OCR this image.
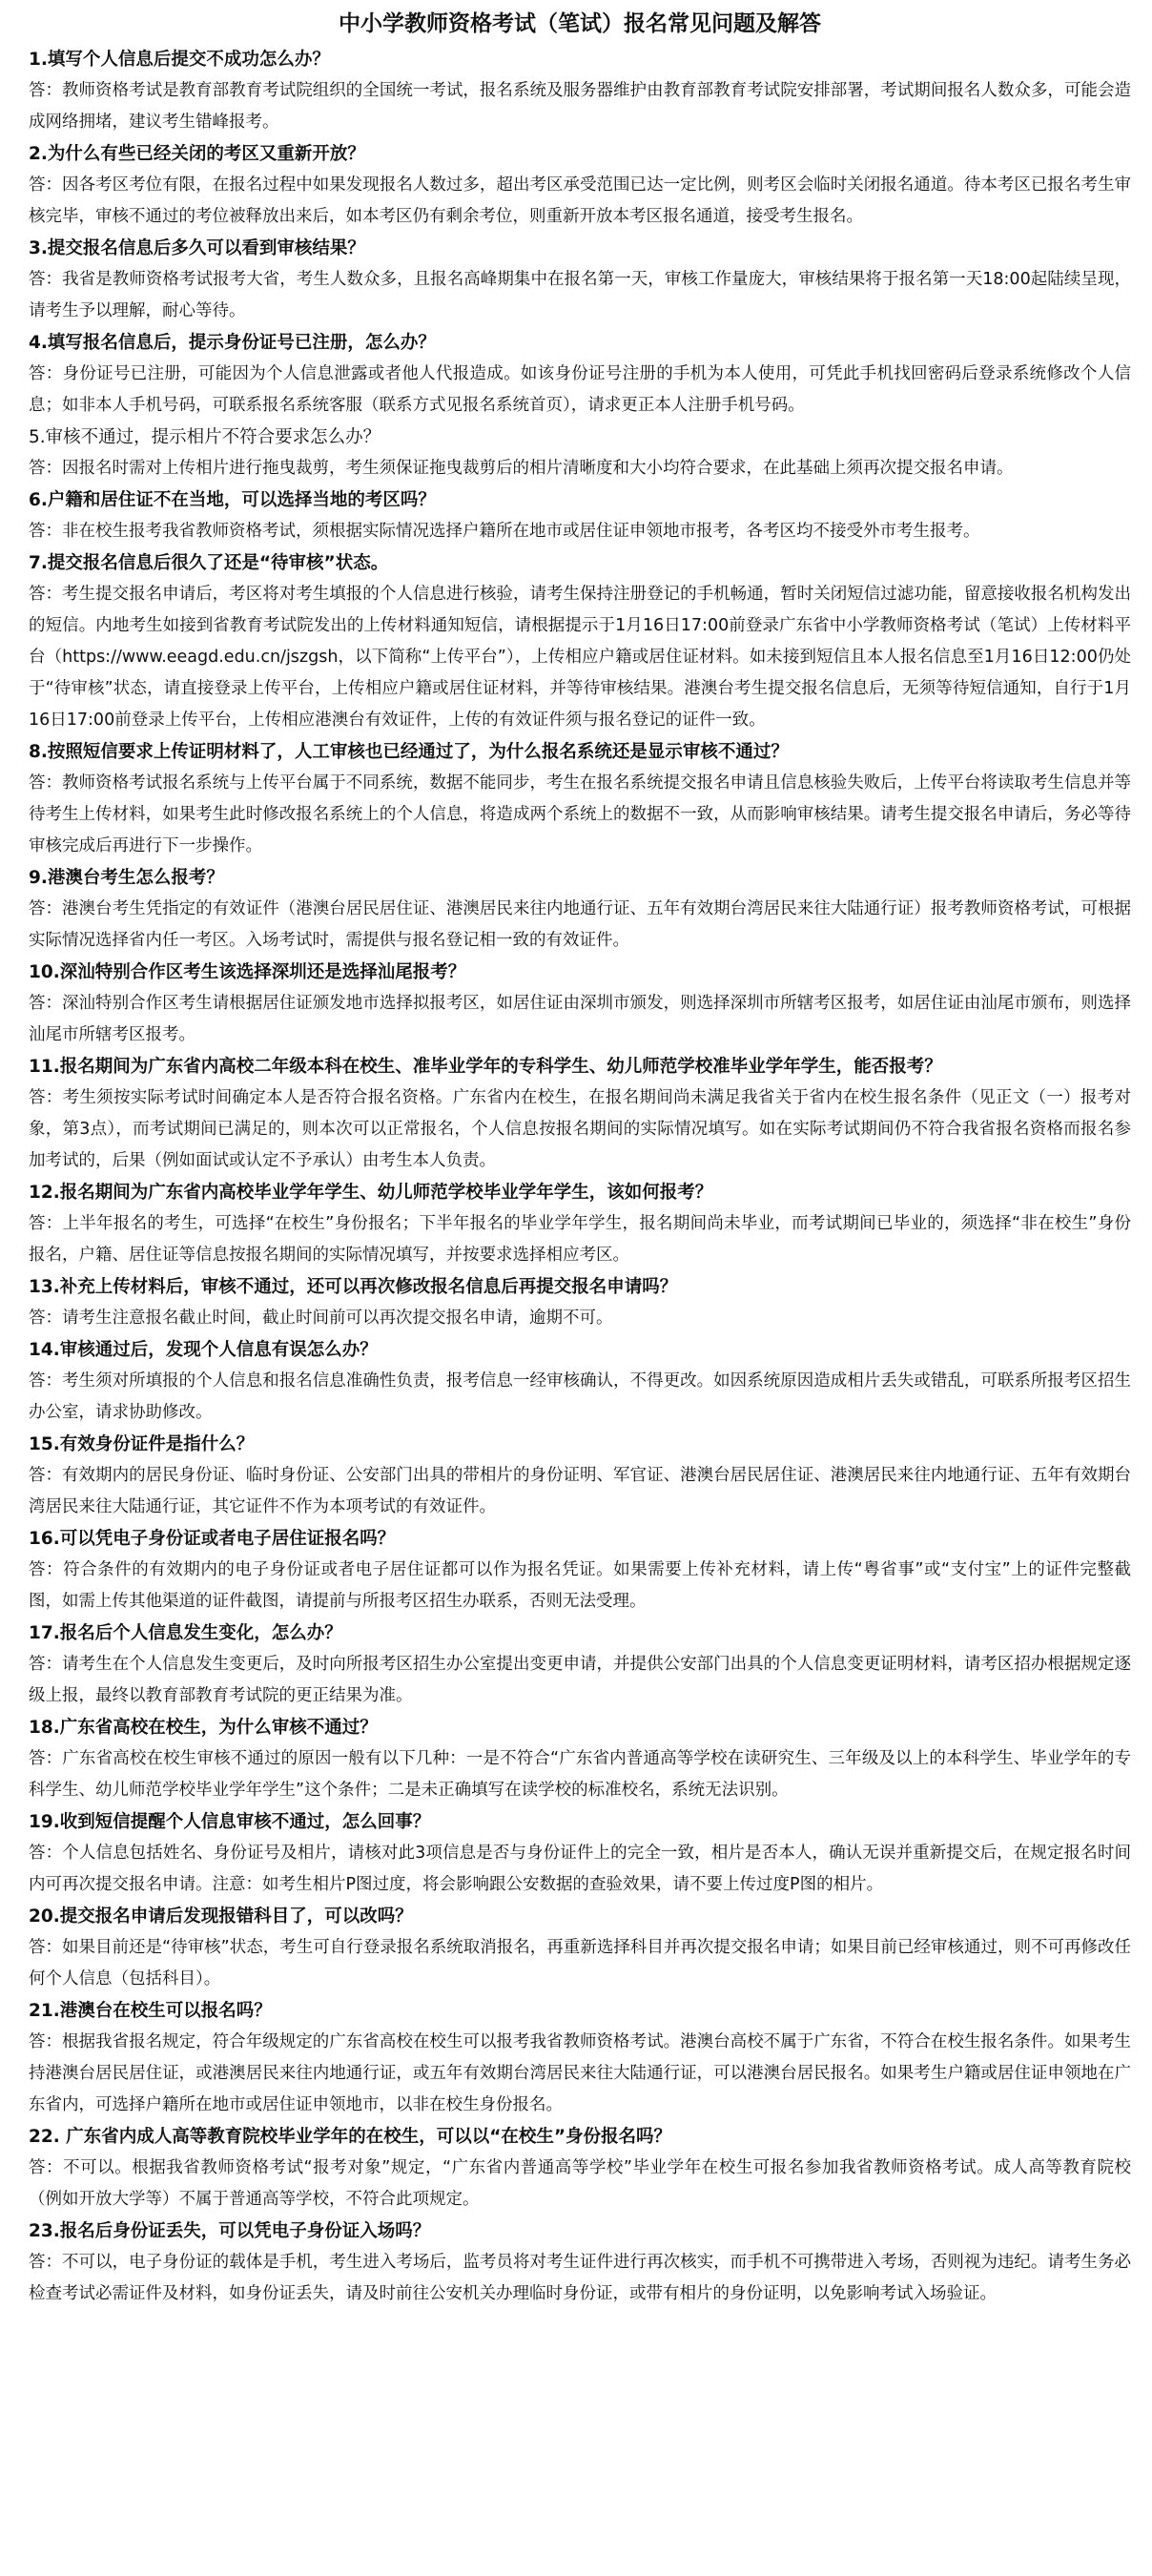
中小学教师资格考试（笔试）报名常见问题及解答
1.填写个人信息后提交不成功怎么办？
答：教师资格考试是教育部教育考试院组织的全国统一考试，报名系统及服务器维护由教育部教育考试院安排部署，考试期间报名人数众多，可能会造成网络拥堵，建议考生错峰报考。
2.为什么有些已经关闭的考区又重新开放？
答：因各考区考位有限，在报名过程中如果发现报名人数过多，超出考区承受范围已达一定比例，则考区会临时关闭报名通道。待本考区已报名考生审核完毕，审核不通过的考位被释放出来后，如本考区仍有剩余考位，则重新开放本考区报名通道，接受考生报名。
3.提交报名信息后多久可以看到审核结果？
答：我省是教师资格考试报考大省，考生人数众多，且报名高峰期集中在报名第一天，审核工作量庞大，审核结果将于报名第一天18:00起陆续呈现，请考生予以理解，耐心等待。
4.填写报名信息后，提示身份证号已注册，怎么办？
答：身份证号已注册，可能因为个人信息泄露或者他人代报造成。如该身份证号注册的手机为本人使用，可凭此手机找回密码后登录系统修改个人信息；如非本人手机号码，可联系报名系统客服（联系方式见报名系统首页），请求更正本人注册手机号码。
5.审核不通过，提示相片不符合要求怎么办？
答：因报名时需对上传相片进行拖曳裁剪，考生须保证拖曳裁剪后的相片清晰度和大小均符合要求，在此基础上须再次提交报名申请。
6.户籍和居住证不在当地，可以选择当地的考区吗？
答：非在校生报考我省教师资格考试，须根据实际情况选择户籍所在地市或居住证申领地市报考，各考区均不接受外市考生报考。
7.提交报名信息后很久了还是“待审核”状态。
答：考生提交报名申请后，考区将对考生填报的个人信息进行核验，请考生保持注册登记的手机畅通，暂时关闭短信过滤功能，留意接收报名机构发出的短信。内地考生如接到省教育考试院发出的上传材料通知短信，请根据提示于1月16日17:00前登录广东省中小学教师资格考试（笔试）上传材料平台（https://www.eeagd.edu.cn/jszgsh，以下简称“上传平台”），上传相应户籍或居住证材料。如未接到短信且本人报名信息至1月16日12:00仍处于“待审核”状态，请直接登录上传平台，上传相应户籍或居住证材料，并等待审核结果。港澳台考生提交报名信息后，无须等待短信通知，自行于1月16日17:00前登录上传平台，上传相应港澳台有效证件，上传的有效证件须与报名登记的证件一致。
8.按照短信要求上传证明材料了，人工审核也已经通过了，为什么报名系统还是显示审核不通过？
答：教师资格考试报名系统与上传平台属于不同系统，数据不能同步，考生在报名系统提交报名申请且信息核验失败后，上传平台将读取考生信息并等待考生上传材料，如果考生此时修改报名系统上的个人信息，将造成两个系统上的数据不一致，从而影响审核结果。请考生提交报名申请后，务必等待审核完成后再进行下一步操作。
9.港澳台考生怎么报考？
答：港澳台考生凭指定的有效证件（港澳台居民居住证、港澳居民来往内地通行证、五年有效期台湾居民来往大陆通行证）报考教师资格考试，可根据实际情况选择省内任一考区。入场考试时，需提供与报名登记相一致的有效证件。
10.深汕特别合作区考生该选择深圳还是选择汕尾报考？
答：深汕特别合作区考生请根据居住证颁发地市选择拟报考区，如居住证由深圳市颁发，则选择深圳市所辖考区报考，如居住证由汕尾市颁布，则选择汕尾市所辖考区报考。
11.报名期间为广东省内高校二年级本科在校生、准毕业学年的专科学生、幼儿师范学校准毕业学年学生，能否报考？
答：考生须按实际考试时间确定本人是否符合报名资格。广东省内在校生，在报名期间尚未满足我省关于省内在校生报名条件（见正文（一）报考对象，第3点），而考试期间已满足的，则本次可以正常报名，个人信息按报名期间的实际情况填写。如在实际考试期间仍不符合我省报名资格而报名参加考试的，后果（例如面试或认定不予承认）由考生本人负责。
12.报名期间为广东省内高校毕业学年学生、幼儿师范学校毕业学年学生，该如何报考？
答：上半年报名的考生，可选择“在校生”身份报名；下半年报名的毕业学年学生，报名期间尚未毕业，而考试期间已毕业的，须选择“非在校生”身份报名，户籍、居住证等信息按报名期间的实际情况填写，并按要求选择相应考区。
13.补充上传材料后，审核不通过，还可以再次修改报名信息后再提交报名申请吗？
答：请考生注意报名截止时间，截止时间前可以再次提交报名申请，逾期不可。
14.审核通过后，发现个人信息有误怎么办？
答：考生须对所填报的个人信息和报名信息准确性负责，报考信息一经审核确认，不得更改。如因系统原因造成相片丢失或错乱，可联系所报考区招生办公室，请求协助修改。
15.有效身份证件是指什么？
答：有效期内的居民身份证、临时身份证、公安部门出具的带相片的身份证明、军官证、港澳台居民居住证、港澳居民来往内地通行证、五年有效期台湾居民来往大陆通行证，其它证件不作为本项考试的有效证件。
16.可以凭电子身份证或者电子居住证报名吗？
答：符合条件的有效期内的电子身份证或者电子居住证都可以作为报名凭证。如果需要上传补充材料，请上传“粤省事”或“支付宝”上的证件完整截图，如需上传其他渠道的证件截图，请提前与所报考区招生办联系，否则无法受理。
17.报名后个人信息发生变化，怎么办？
答：请考生在个人信息发生变更后，及时向所报考区招生办公室提出变更申请，并提供公安部门出具的个人信息变更证明材料，请考区招办根据规定逐级上报，最终以教育部教育考试院的更正结果为准。
18.广东省高校在校生，为什么审核不通过？
答：广东省高校在校生审核不通过的原因一般有以下几种：一是不符合“广东省内普通高等学校在读研究生、三年级及以上的本科学生、毕业学年的专科学生、幼儿师范学校毕业学年学生”这个条件；二是未正确填写在读学校的标准校名，系统无法识别。
19.收到短信提醒个人信息审核不通过，怎么回事？
答：个人信息包括姓名、身份证号及相片，请核对此3项信息是否与身份证件上的完全一致，相片是否本人，确认无误并重新提交后，在规定报名时间内可再次提交报名申请。注意：如考生相片P图过度，将会影响跟公安数据的查验效果，请不要上传过度P图的相片。
20.提交报名申请后发现报错科目了，可以改吗？
答：如果目前还是“待审核”状态，考生可自行登录报名系统取消报名，再重新选择科目并再次提交报名申请；如果目前已经审核通过，则不可再修改任何个人信息（包括科目）。
21.港澳台在校生可以报名吗？
答：根据我省报名规定，符合年级规定的广东省高校在校生可以报考我省教师资格考试。港澳台高校不属于广东省，不符合在校生报名条件。如果考生持港澳台居民居住证，或港澳居民来往内地通行证，或五年有效期台湾居民来往大陆通行证，可以港澳台居民报名。如果考生户籍或居住证申领地在广东省内，可选择户籍所在地市或居住证申领地市，以非在校生身份报名。
22. 广东省内成人高等教育院校毕业学年的在校生，可以以“在校生”身份报名吗？
答：不可以。根据我省教师资格考试“报考对象”规定，“广东省内普通高等学校”毕业学年在校生可报名参加我省教师资格考试。成人高等教育院校（例如开放大学等）不属于普通高等学校，不符合此项规定。
23.报名后身份证丢失，可以凭电子身份证入场吗？
答：不可以，电子身份证的载体是手机，考生进入考场后，监考员将对考生证件进行再次核实，而手机不可携带进入考场，否则视为违纪。请考生务必检查考试必需证件及材料，如身份证丢失，请及时前往公安机关办理临时身份证，或带有相片的身份证明，以免影响考试入场验证。
